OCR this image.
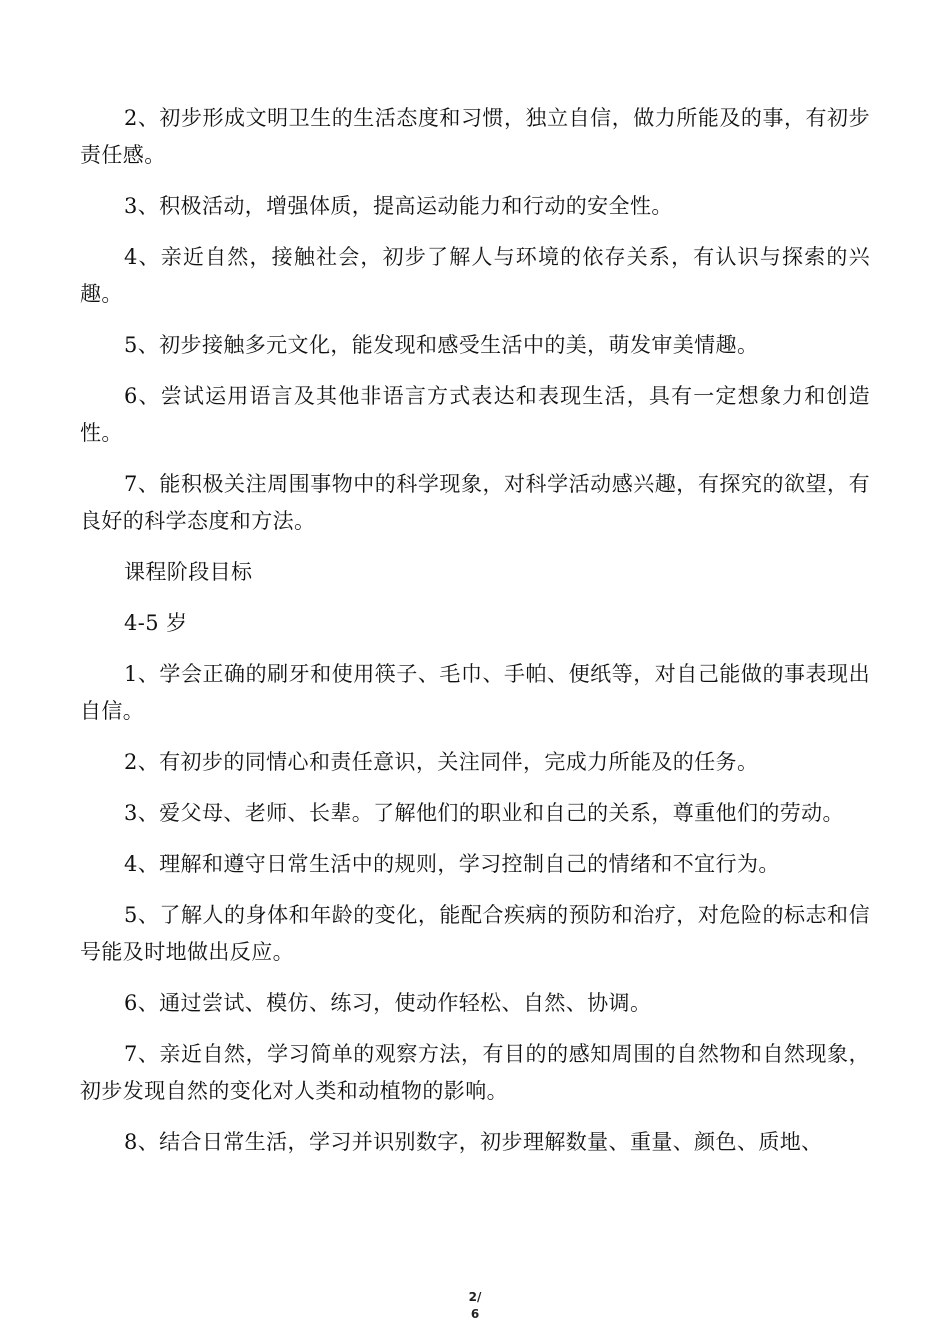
2、初步形成文明卫生的生活态度和习惯，独立自信，做力所能及的事，有初步责任感。

3、积极活动，增强体质，提高运动能力和行动的安全性。

4、亲近自然，接触社会，初步了解人与环境的依存关系，有认识与探索的兴趣。

5、初步接触多元文化，能发现和感受生活中的美，萌发审美情趣。

6、尝试运用语言及其他非语言方式表达和表现生活，具有一定想象力和创造性。

7、能积极关注周围事物中的科学现象，对科学活动感兴趣，有探究的欲望，有良好的科学态度和方法。

课程阶段目标

4-5 岁

1、学会正确的刷牙和使用筷子、毛巾、手帕、便纸等，对自己能做的事表现出自信。

2、有初步的同情心和责任意识，关注同伴，完成力所能及的任务。

3、爱父母、老师、长辈。了解他们的职业和自己的关系，尊重他们的劳动。

4、理解和遵守日常生活中的规则，学习控制自己的情绪和不宜行为。

5、了解人的身体和年龄的变化，能配合疾病的预防和治疗，对危险的标志和信号能及时地做出反应。

6、通过尝试、模仿、练习，使动作轻松、自然、协调。

7、亲近自然，学习简单的观察方法，有目的的感知周围的自然物和自然现象，初步发现自然的变化对人类和动植物的影响。

8、结合日常生活，学习并识别数字，初步理解数量、重量、颜色、质地、

2/
6
